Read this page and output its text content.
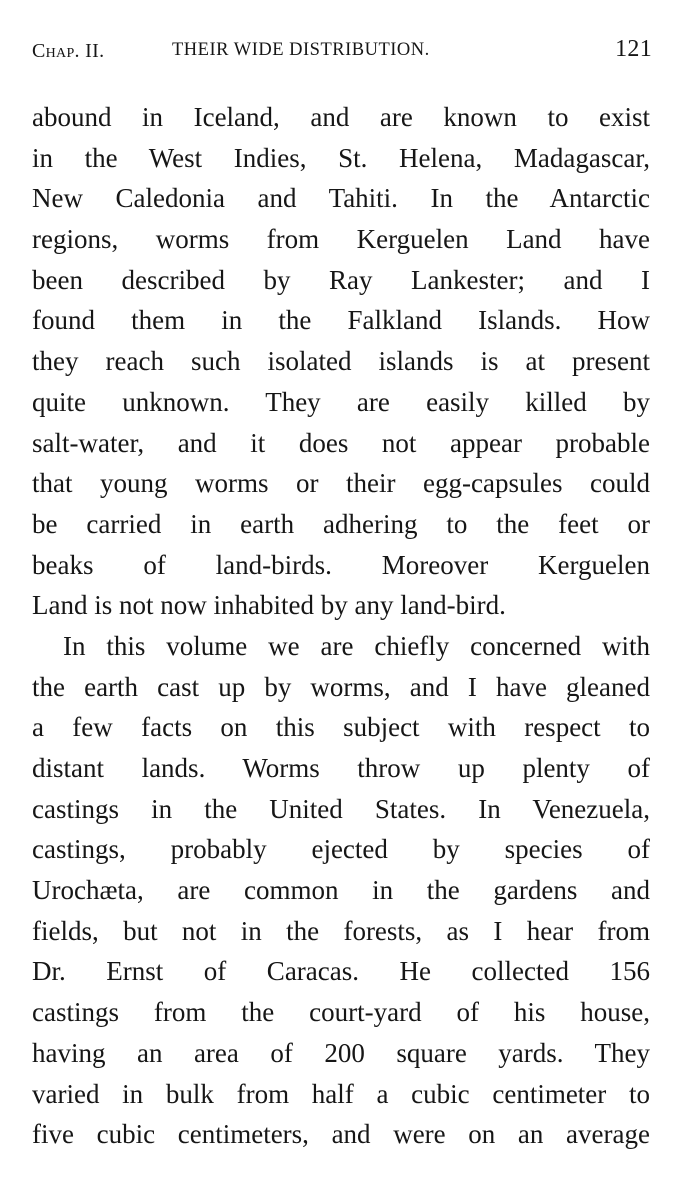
Chap. II.	THEIR WIDE DISTRIBUTION.	121
abound in Iceland, and are known to exist
in the West Indies, St. Helena, Madagascar,
New Caledonia and Tahiti. In the Antarctic
regions, worms from Kerguelen Land have
been described by Ray Lankester; and I
found them in the Falkland Islands. How
they reach such isolated islands is at present
quite unknown. They are easily killed by
salt-water, and it does not appear probable
that young worms or their egg-capsules could
be carried in earth adhering to the feet or
beaks of land-birds. Moreover Kerguelen
Land is not now inhabited by any land-bird.
In this volume we are chiefly concerned with
the earth cast up by worms, and I have gleaned
a few facts on this subject with respect to
distant lands. Worms throw up plenty of
castings in the United States. In Venezuela,
castings, probably ejected by species of
Urochæta, are common in the gardens and
fields, but not in the forests, as I hear from
Dr. Ernst of Caracas. He collected 156
castings from the court-yard of his house,
having an area of 200 square yards. They
varied in bulk from half a cubic centimeter to
five cubic centimeters, and were on an average
